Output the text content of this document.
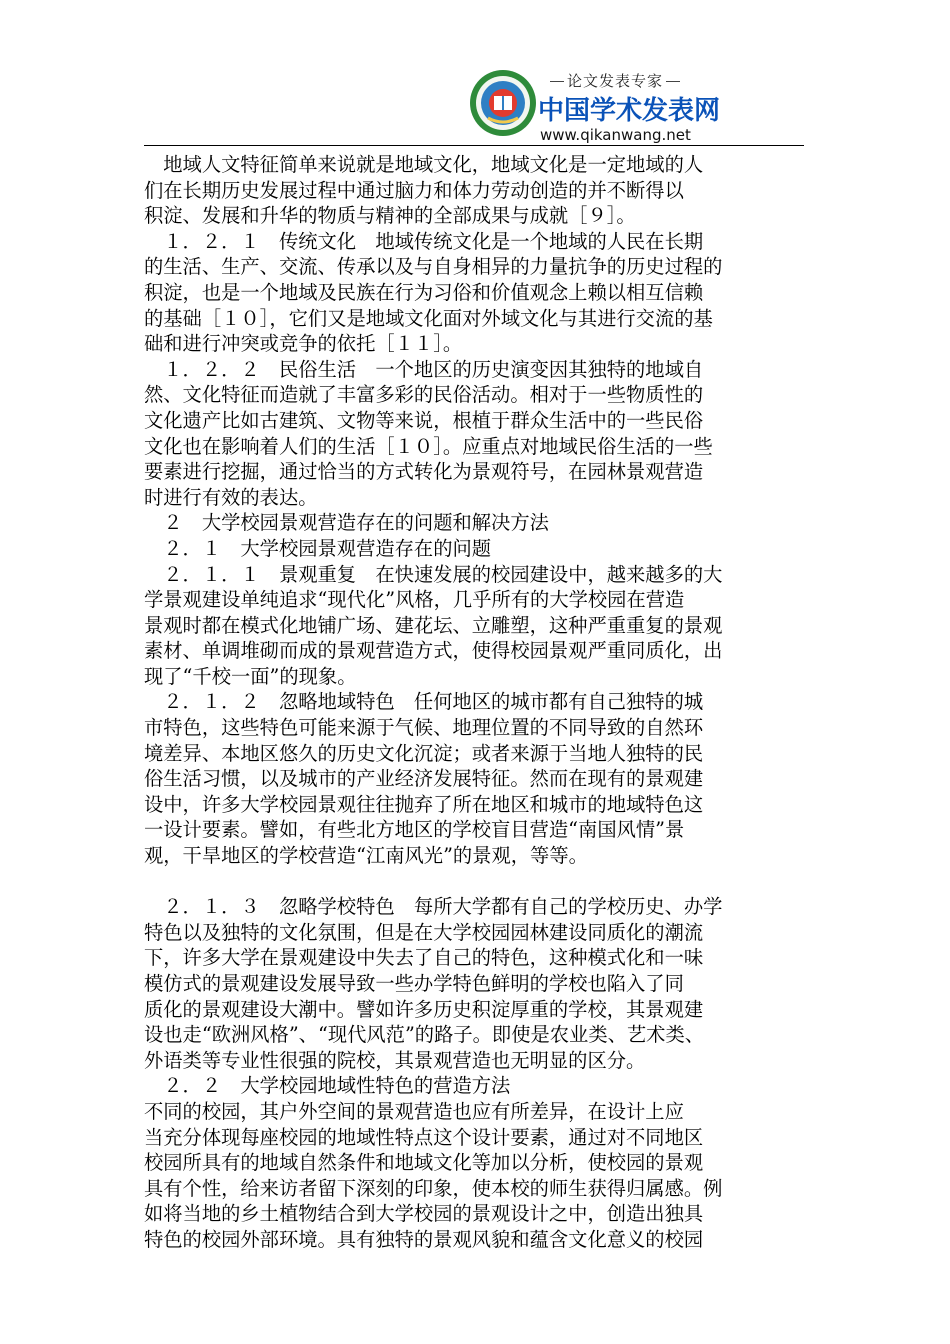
论文发表专家
中国学术发表网
www.qikanwang.net
　地域人文特征简单来说就是地域文化，地域文化是一定地域的人
们在长期历史发展过程中通过脑力和体力劳动创造的并不断得以
积淀、发展和升华的物质与精神的全部成果与成就［９］。
　１．２．１　传统文化　地域传统文化是一个地域的人民在长期
的生活、生产、交流、传承以及与自身相异的力量抗争的历史过程的
积淀，也是一个地域及民族在行为习俗和价值观念上赖以相互信赖
的基础［１０］，它们又是地域文化面对外域文化与其进行交流的基
础和进行冲突或竞争的依托［１１］。
　１．２．２　民俗生活　一个地区的历史演变因其独特的地域自
然、文化特征而造就了丰富多彩的民俗活动。相对于一些物质性的
文化遗产比如古建筑、文物等来说，根植于群众生活中的一些民俗
文化也在影响着人们的生活［１０］。应重点对地域民俗生活的一些
要素进行挖掘，通过恰当的方式转化为景观符号，在园林景观营造
时进行有效的表达。
　２　大学校园景观营造存在的问题和解决方法
　２．１　大学校园景观营造存在的问题
　２．１．１　景观重复　在快速发展的校园建设中，越来越多的大
学景观建设单纯追求“现代化”风格，几乎所有的大学校园在营造
景观时都在模式化地铺广场、建花坛、立雕塑，这种严重重复的景观
素材、单调堆砌而成的景观营造方式，使得校园景观严重同质化，出
现了“千校一面”的现象。
　２．１．２　忽略地域特色　任何地区的城市都有自己独特的城
市特色，这些特色可能来源于气候、地理位置的不同导致的自然环
境差异、本地区悠久的历史文化沉淀；或者来源于当地人独特的民
俗生活习惯，以及城市的产业经济发展特征。然而在现有的景观建
设中，许多大学校园景观往往抛弃了所在地区和城市的地域特色这
一设计要素。譬如，有些北方地区的学校盲目营造“南国风情”景
观，干旱地区的学校营造“江南风光”的景观，等等。
　２．１．３　忽略学校特色　每所大学都有自己的学校历史、办学
特色以及独特的文化氛围，但是在大学校园园林建设同质化的潮流
下，许多大学在景观建设中失去了自己的特色，这种模式化和一味
模仿式的景观建设发展导致一些办学特色鲜明的学校也陷入了同
质化的景观建设大潮中。譬如许多历史积淀厚重的学校，其景观建
设也走“欧洲风格”、“现代风范”的路子。即使是农业类、艺术类、
外语类等专业性很强的院校，其景观营造也无明显的区分。
　２．２　大学校园地域性特色的营造方法
不同的校园，其户外空间的景观营造也应有所差异，在设计上应
当充分体现每座校园的地域性特点这个设计要素，通过对不同地区
校园所具有的地域自然条件和地域文化等加以分析，使校园的景观
具有个性，给来访者留下深刻的印象，使本校的师生获得归属感。例
如将当地的乡土植物结合到大学校园的景观设计之中，创造出独具
特色的校园外部环境。具有独特的景观风貌和蕴含文化意义的校园
